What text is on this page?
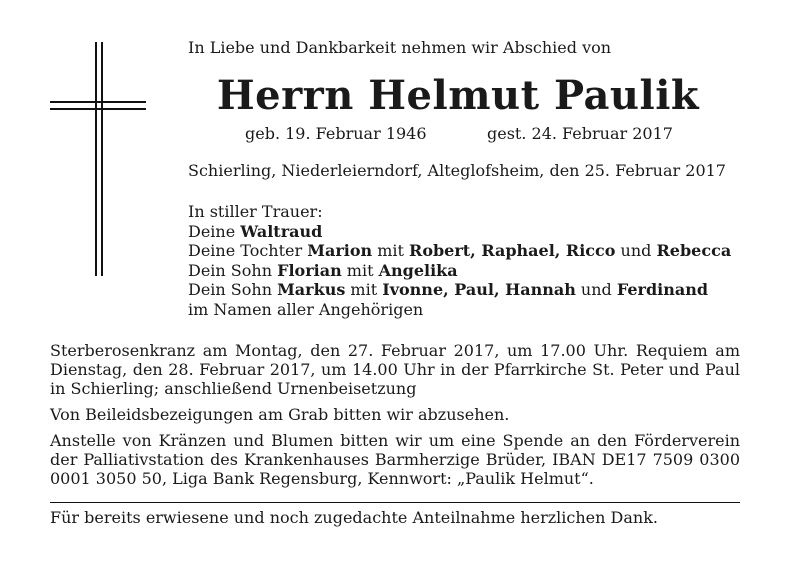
In Liebe und Dankbarkeit nehmen wir Abschied von
Herrn Helmut Paulik
geb. 19. Februar 1946	gest. 24. Februar 2017
Schierling, Niederleierndorf, Alteglofsheim, den 25. Februar 2017
In stiller Trauer:
Deine Waltraud
Deine Tochter Marion mit Robert, Raphael, Ricco und Rebecca
Dein Sohn Florian mit Angelika
Dein Sohn Markus mit Ivonne, Paul, Hannah und Ferdinand
im Namen aller Angehörigen
Sterberosenkranz am Montag, den 27. Februar 2017, um 17.00 Uhr. Requiem am Dienstag, den 28. Februar 2017, um 14.00 Uhr in der Pfarrkirche St. Peter und Paul in Schierling; anschließend Urnenbeisetzung
Von Beileidsbezeigungen am Grab bitten wir abzusehen.
Anstelle von Kränzen und Blumen bitten wir um eine Spende an den Förderverein der Palliativstation des Krankenhauses Barmherzige Brüder, IBAN DE17 7509 0300 0001 3050 50, Liga Bank Regensburg, Kennwort: „Paulik Helmut“.
Für bereits erwiesene und noch zugedachte Anteilnahme herzlichen Dank.
